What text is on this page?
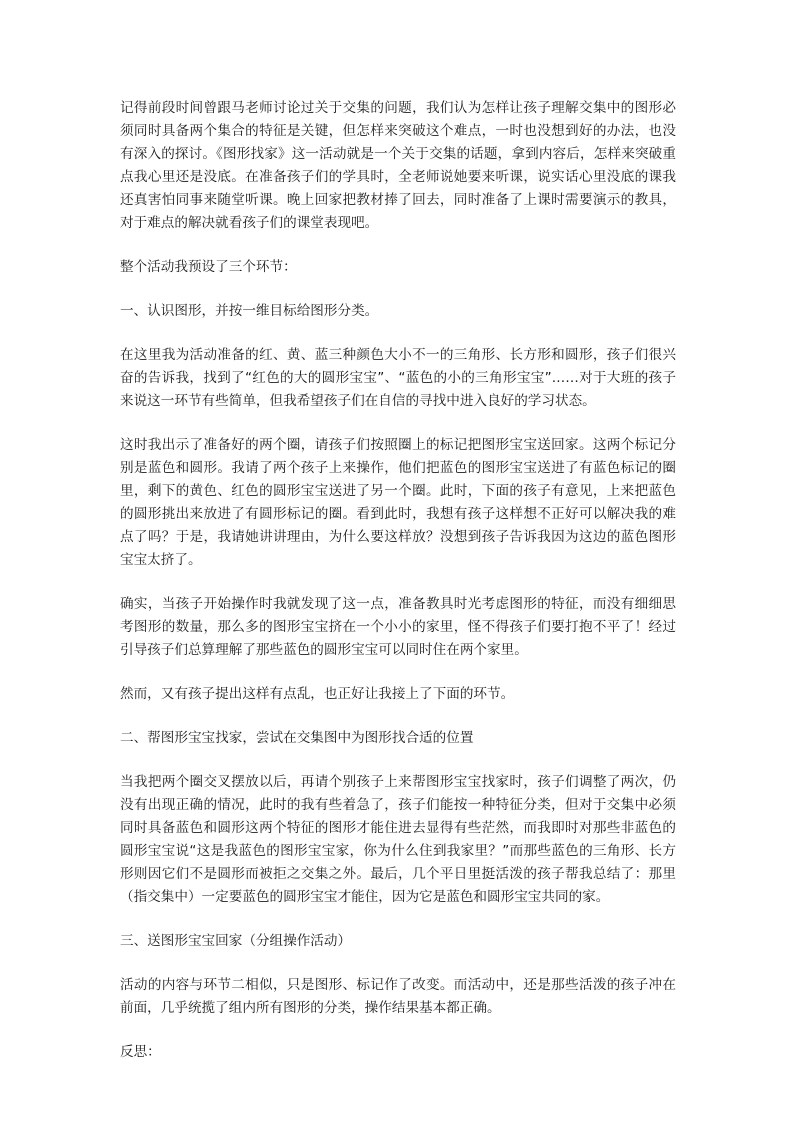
记得前段时间曾跟马老师讨论过关于交集的问题，我们认为怎样让孩子理解交集中的图形必须同时具备两个集合的特征是关键，但怎样来突破这个难点，一时也没想到好的办法，也没有深入的探讨。《图形找家》这一活动就是一个关于交集的话题，拿到内容后，怎样来突破重点我心里还是没底。在准备孩子们的学具时，全老师说她要来听课，说实话心里没底的课我还真害怕同事来随堂听课。晚上回家把教材捧了回去，同时准备了上课时需要演示的教具，对于难点的解决就看孩子们的课堂表现吧。

整个活动我预设了三个环节：

一、认识图形，并按一维目标给图形分类。

在这里我为活动准备的红、黄、蓝三种颜色大小不一的三角形、长方形和圆形，孩子们很兴奋的告诉我，找到了“红色的大的圆形宝宝”、“蓝色的小的三角形宝宝”……对于大班的孩子来说这一环节有些简单，但我希望孩子们在自信的寻找中进入良好的学习状态。

这时我出示了准备好的两个圈，请孩子们按照圈上的标记把图形宝宝送回家。这两个标记分别是蓝色和圆形。我请了两个孩子上来操作，他们把蓝色的图形宝宝送进了有蓝色标记的圈里，剩下的黄色、红色的圆形宝宝送进了另一个圈。此时，下面的孩子有意见，上来把蓝色的圆形挑出来放进了有圆形标记的圈。看到此时，我想有孩子这样想不正好可以解决我的难点了吗？于是，我请她讲讲理由，为什么要这样放？没想到孩子告诉我因为这边的蓝色图形宝宝太挤了。

确实，当孩子开始操作时我就发现了这一点，准备教具时光考虑图形的特征，而没有细细思考图形的数量，那么多的图形宝宝挤在一个小小的家里，怪不得孩子们要打抱不平了！经过引导孩子们总算理解了那些蓝色的圆形宝宝可以同时住在两个家里。

然而，又有孩子提出这样有点乱，也正好让我接上了下面的环节。

二、帮图形宝宝找家，尝试在交集图中为图形找合适的位置

当我把两个圈交叉摆放以后，再请个别孩子上来帮图形宝宝找家时，孩子们调整了两次，仍没有出现正确的情况，此时的我有些着急了，孩子们能按一种特征分类，但对于交集中必须同时具备蓝色和圆形这两个特征的图形才能住进去显得有些茫然，而我即时对那些非蓝色的圆形宝宝说“这是我蓝色的图形宝宝家，你为什么住到我家里？”而那些蓝色的三角形、长方形则因它们不是圆形而被拒之交集之外。最后，几个平日里挺活泼的孩子帮我总结了：那里（指交集中）一定要蓝色的圆形宝宝才能住，因为它是蓝色和圆形宝宝共同的家。

三、送图形宝宝回家（分组操作活动）

活动的内容与环节二相似，只是图形、标记作了改变。而活动中，还是那些活泼的孩子冲在前面，几乎统揽了组内所有图形的分类，操作结果基本都正确。

反思：
